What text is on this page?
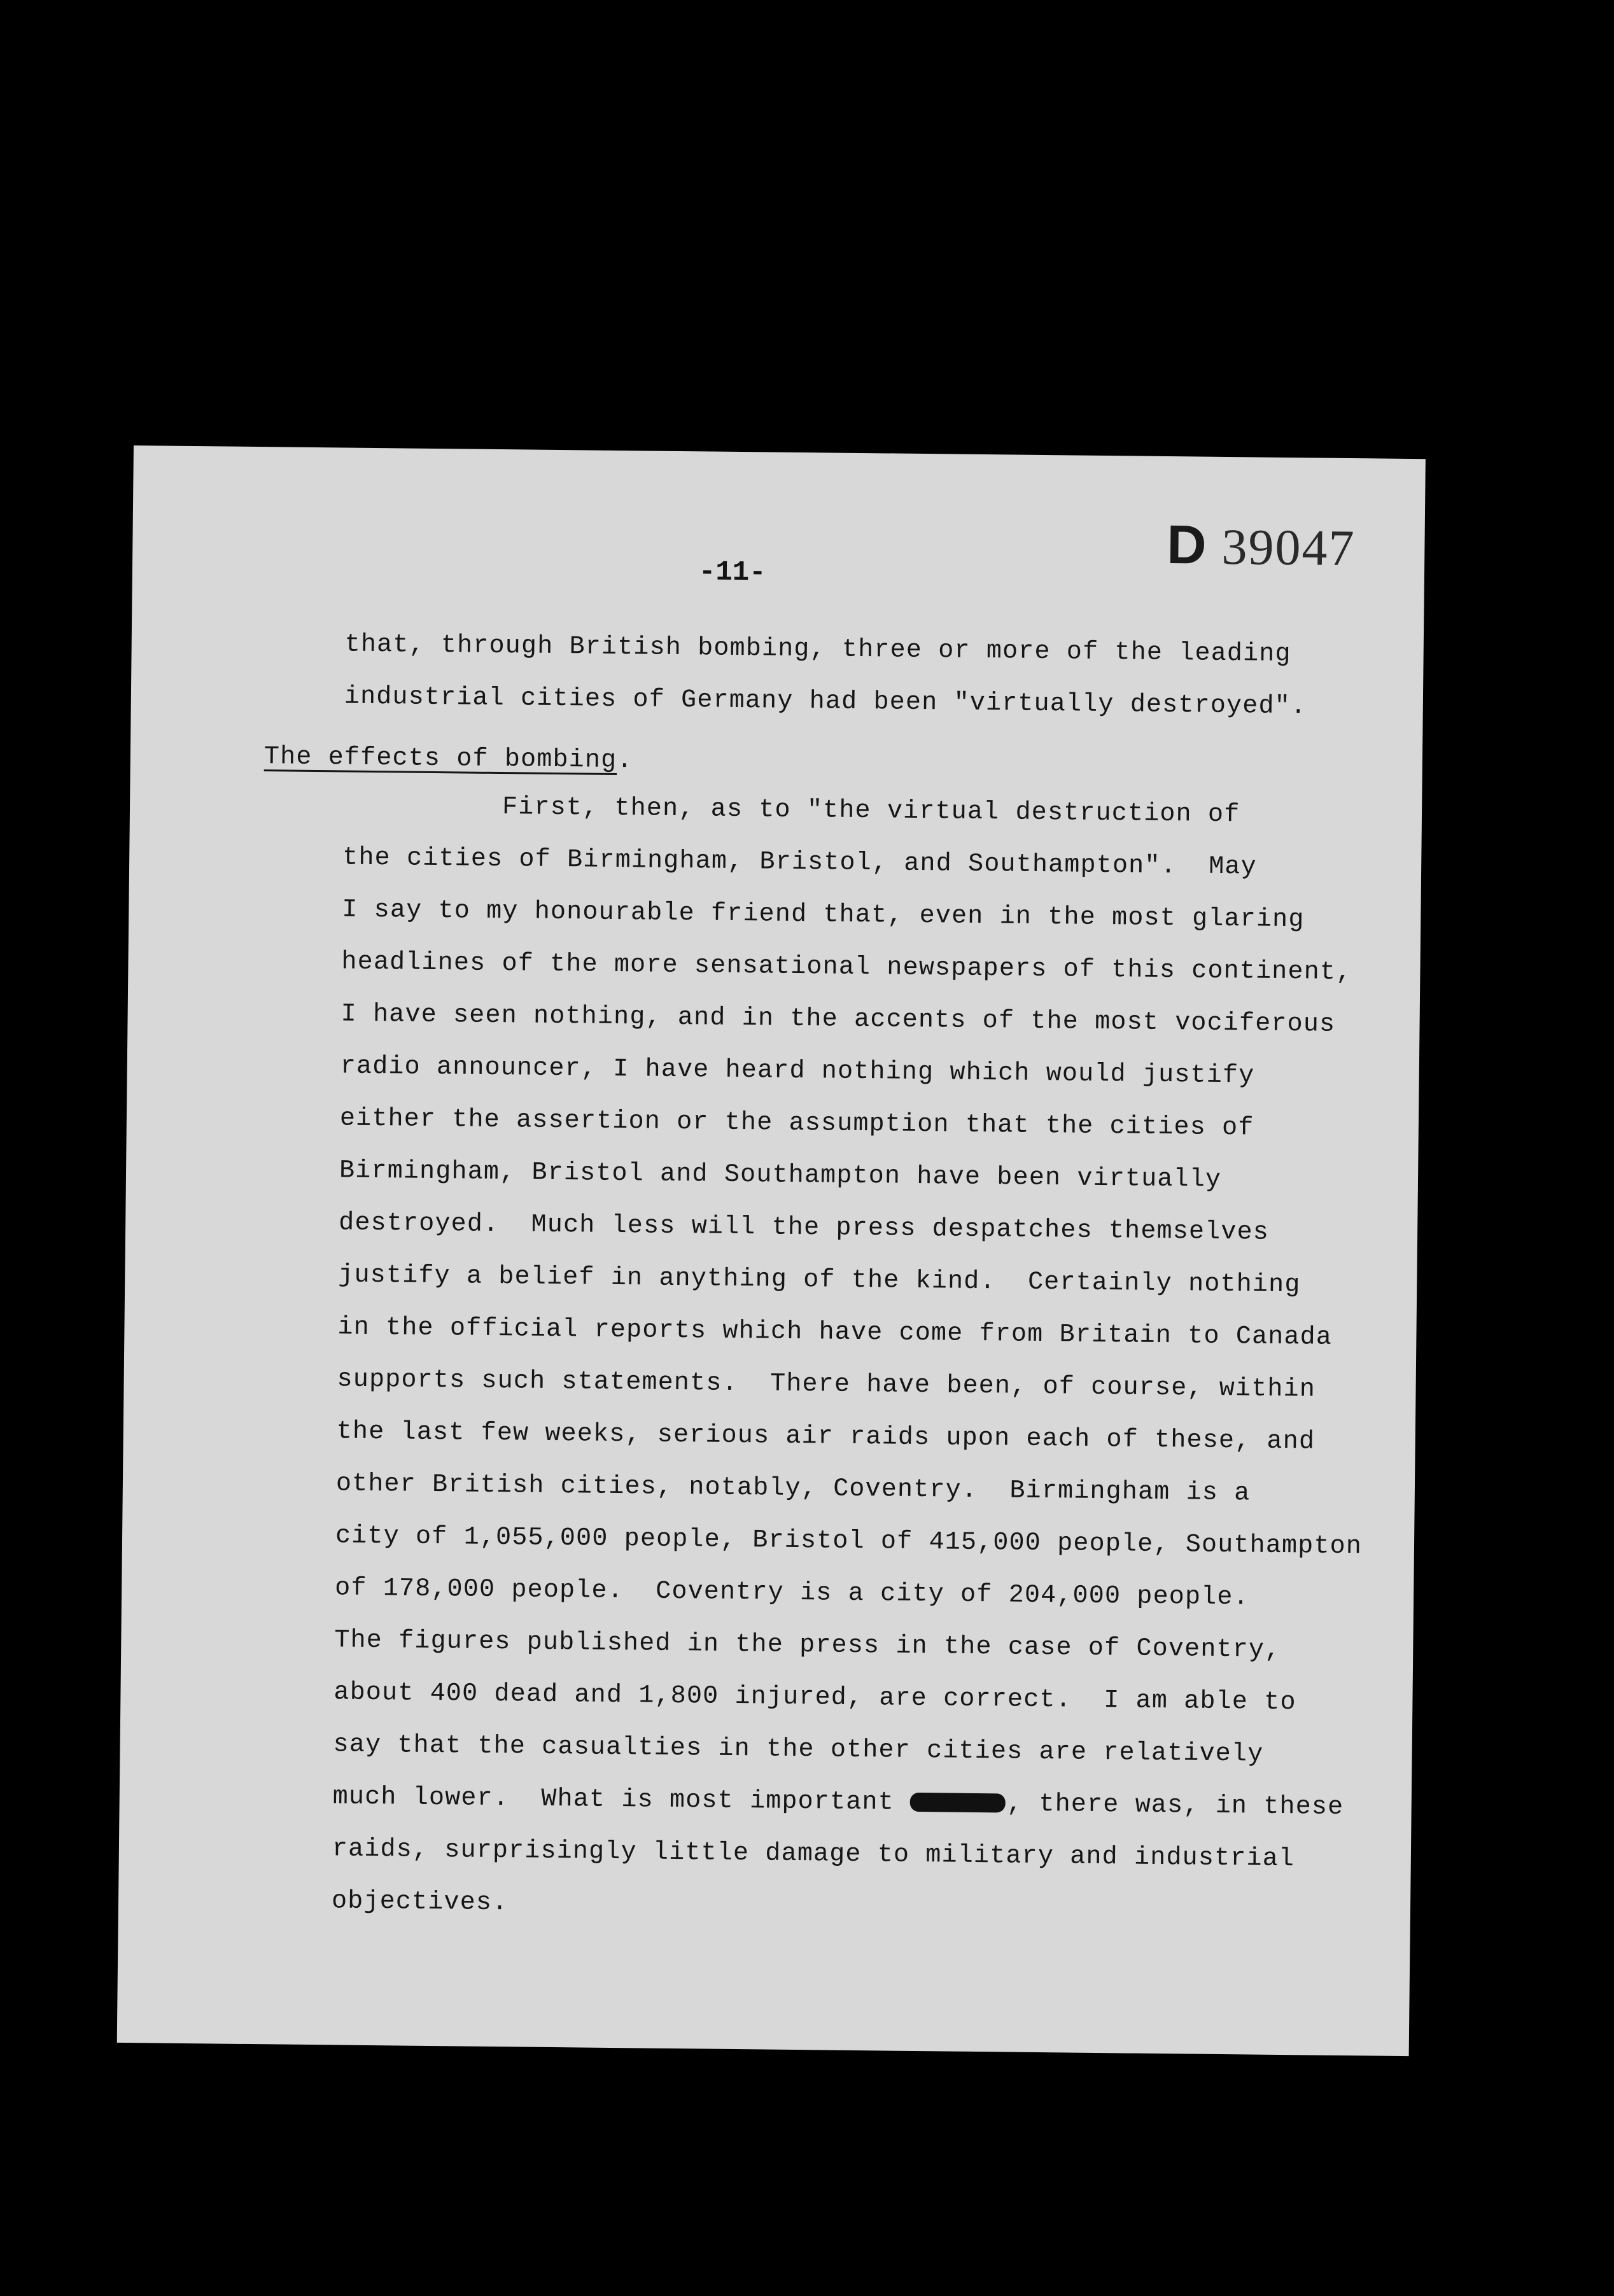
D 39047
-11-
that, through British bombing, three or more of the leading
industrial cities of Germany had been "virtually destroyed".
The effects of bombing.
First, then, as to "the virtual destruction of
the cities of Birmingham, Bristol, and Southampton".  May
I say to my honourable friend that, even in the most glaring
headlines of the more sensational newspapers of this continent,
I have seen nothing, and in the accents of the most vociferous
radio announcer, I have heard nothing which would justify
either the assertion or the assumption that the cities of
Birmingham, Bristol and Southampton have been virtually
destroyed.  Much less will the press despatches themselves
justify a belief in anything of the kind.  Certainly nothing
in the official reports which have come from Britain to Canada
supports such statements.  There have been, of course, within
the last few weeks, serious air raids upon each of these, and
other British cities, notably, Coventry.  Birmingham is a
city of 1,055,000 people, Bristol of 415,000 people, Southampton
of 178,000 people.  Coventry is a city of 204,000 people.
The figures published in the press in the case of Coventry,
about 400 dead and 1,800 injured, are correct.  I am able to
say that the casualties in the other cities are relatively
much lower.  What is most important	, there was, in these
raids, surprisingly little damage to military and industrial
objectives.
